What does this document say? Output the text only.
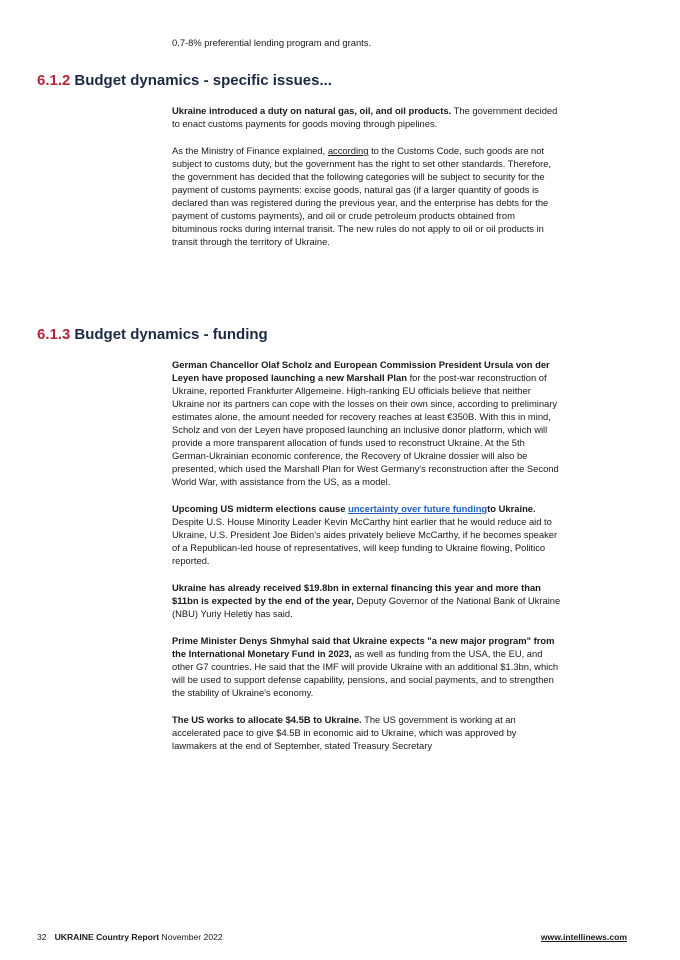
0.7-8% preferential lending program and grants.
6.1.2 Budget dynamics - specific issues...

Ukraine introduced a duty on natural gas, oil, and oil products. The government decided to enact customs payments for goods moving through pipelines.

As the Ministry of Finance explained, according to the Customs Code, such goods are not subject to customs duty, but the government has the right to set other standards. Therefore, the government has decided that the following categories will be subject to security for the payment of customs payments: excise goods, natural gas (if a larger quantity of goods is declared than was registered during the previous year, and the enterprise has debts for the payment of customs payments), and oil or crude petroleum products obtained from bituminous rocks during internal transit. The new rules do not apply to oil or oil products in transit through the territory of Ukraine.

6.1.3 Budget dynamics - funding

German Chancellor Olaf Scholz and European Commission President Ursula von der Leyen have proposed launching a new Marshall Plan for the post-war reconstruction of Ukraine, reported Frankfurter Allgemeine. High-ranking EU officials believe that neither Ukraine nor its partners can cope with the losses on their own since, according to preliminary estimates alone, the amount needed for recovery reaches at least €350B. With this in mind, Scholz and von der Leyen have proposed launching an inclusive donor platform, which will provide a more transparent allocation of funds used to reconstruct Ukraine. At the 5th German-Ukrainian economic conference, the Recovery of Ukraine dossier will also be presented, which used the Marshall Plan for West Germany's reconstruction after the Second World War, with assistance from the US, as a model.

Upcoming US midterm elections cause uncertainty over future fundingto Ukraine. Despite U.S. House Minority Leader Kevin McCarthy hint earlier that he would reduce aid to Ukraine, U.S. President Joe Biden's aides privately believe McCarthy, if he becomes speaker of a Republican-led house of representatives, will keep funding to Ukraine flowing, Politico reported.

Ukraine has already received $19.8bn in external financing this year and more than $11bn is expected by the end of the year, Deputy Governor of the National Bank of Ukraine (NBU) Yuriy Heletiy has said.

Prime Minister Denys Shmyhal said that Ukraine expects "a new major program" from the International Monetary Fund in 2023, as well as funding from the USA, the EU, and other G7 countries. He said that the IMF will provide Ukraine with an additional $1.3bn, which will be used to support defense capability, pensions, and social payments, and to strengthen the stability of Ukraine's economy.

The US works to allocate $4.5B to Ukraine. The US government is working at an accelerated pace to give $4.5B in economic aid to Ukraine, which was approved by lawmakers at the end of September, stated Treasury Secretary

32 UKRAINE Country Report November 2022	www.intellinews.com
